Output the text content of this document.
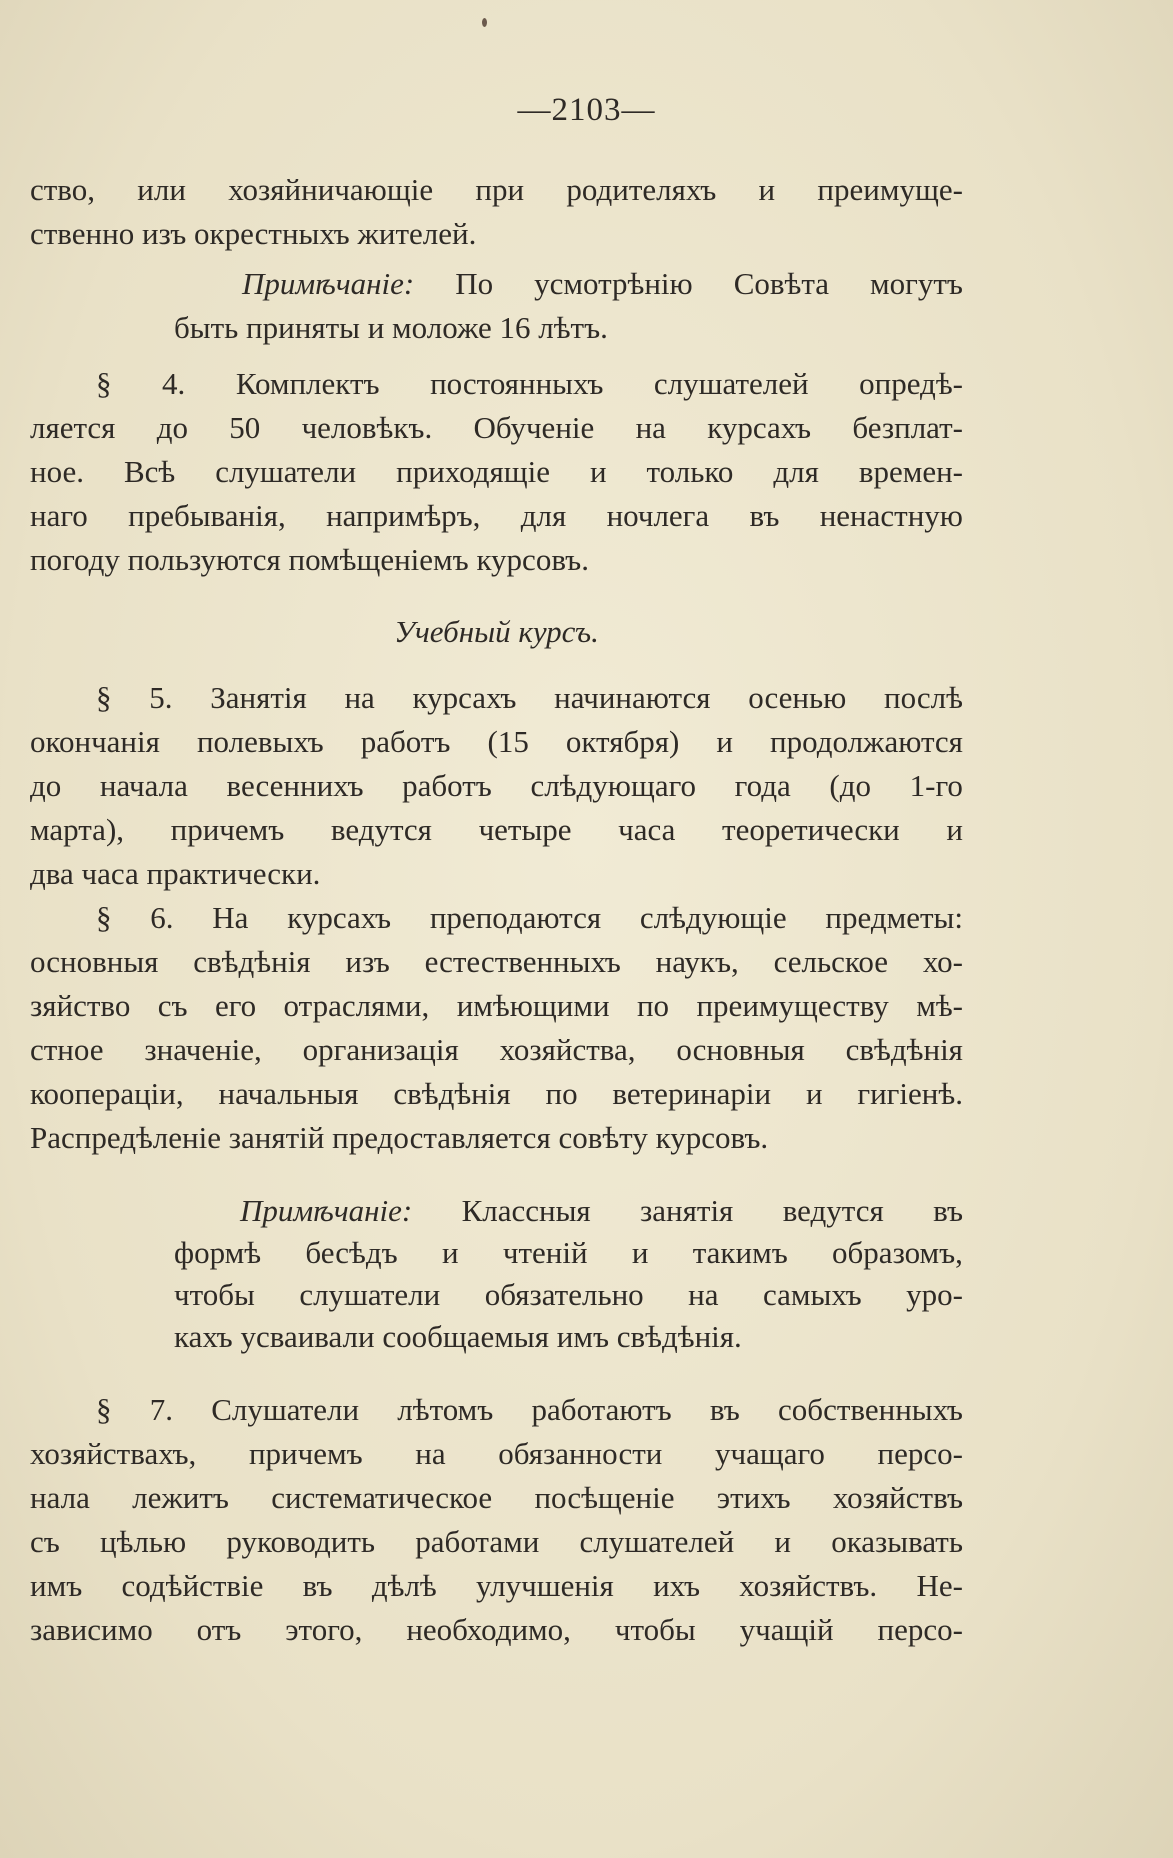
—2103—
ство, или хозяйничающіе при родителяхъ и преимуще-
ственно изъ окрестныхъ жителей.
Примѣчаніе: По усмотрѣнію Совѣта могутъ
быть приняты и моложе 16 лѣтъ.
§ 4. Комплектъ постоянныхъ слушателей опредѣ-
ляется до 50 человѣкъ. Обученіе на курсахъ безплат-
ное. Всѣ слушатели приходящіе и только для времен-
наго пребыванія, напримѣръ, для ночлега въ ненастную
погоду пользуются помѣщеніемъ курсовъ.
Учебный курсъ.
§ 5. Занятія на курсахъ начинаются осенью послѣ
окончанія полевыхъ работъ (15 октября) и продолжаются
до начала весеннихъ работъ слѣдующаго года (до 1-го
марта), причемъ ведутся четыре часа теоретически и
два часа практически.
§ 6. На курсахъ преподаются слѣдующіе предметы:
основныя свѣдѣнія изъ естественныхъ наукъ, сельское хо-
зяйство съ его отраслями, имѣющими по преимуществу мѣ-
стное значеніе, организація хозяйства, основныя свѣдѣнія
коопераціи, начальныя свѣдѣнія по ветеринаріи и гигіенѣ.
Распредѣленіе занятій предоставляется совѣту курсовъ.
Примѣчаніе: Классныя занятія ведутся въ
формѣ бесѣдъ и чтеній и такимъ образомъ,
чтобы слушатели обязательно на самыхъ уро-
кахъ усваивали сообщаемыя имъ свѣдѣнія.
§ 7. Слушатели лѣтомъ работаютъ въ собственныхъ
хозяйствахъ, причемъ на обязанности учащаго персо-
нала лежитъ систематическое посѣщеніе этихъ хозяйствъ
съ цѣлью руководить работами слушателей и оказывать
имъ содѣйствіе въ дѣлѣ улучшенія ихъ хозяйствъ. Не-
зависимо отъ этого, необходимо, чтобы учащій персо-
